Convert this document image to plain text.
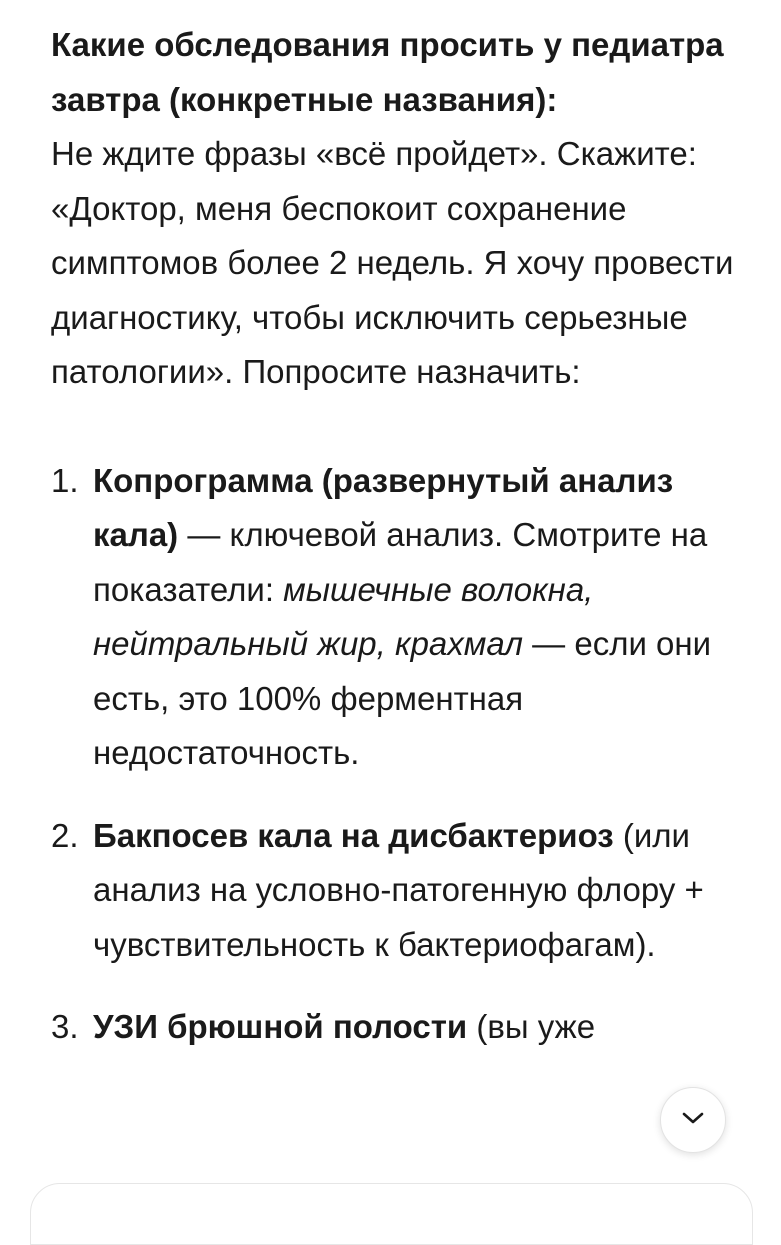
Какие обследования просить у педиатра завтра (конкретные названия):

Не ждите фразы «всё пройдет». Скажите: «Доктор, меня беспокоит сохранение симптомов более 2 недель. Я хочу провести диагностику, чтобы исключить серьезные патологии». Попросите назначить:

1. Копрограмма (развернутый анализ кала) — ключевой анализ. Смотрите на показатели: мышечные волокна, нейтральный жир, крахмал — если они есть, это 100% ферментная недостаточность.
2. Бакпосев кала на дисбактериоз (или анализ на условно-патогенную флору + чувствительность к бактериофагам).
3. УЗИ брюшной полости (вы уже
